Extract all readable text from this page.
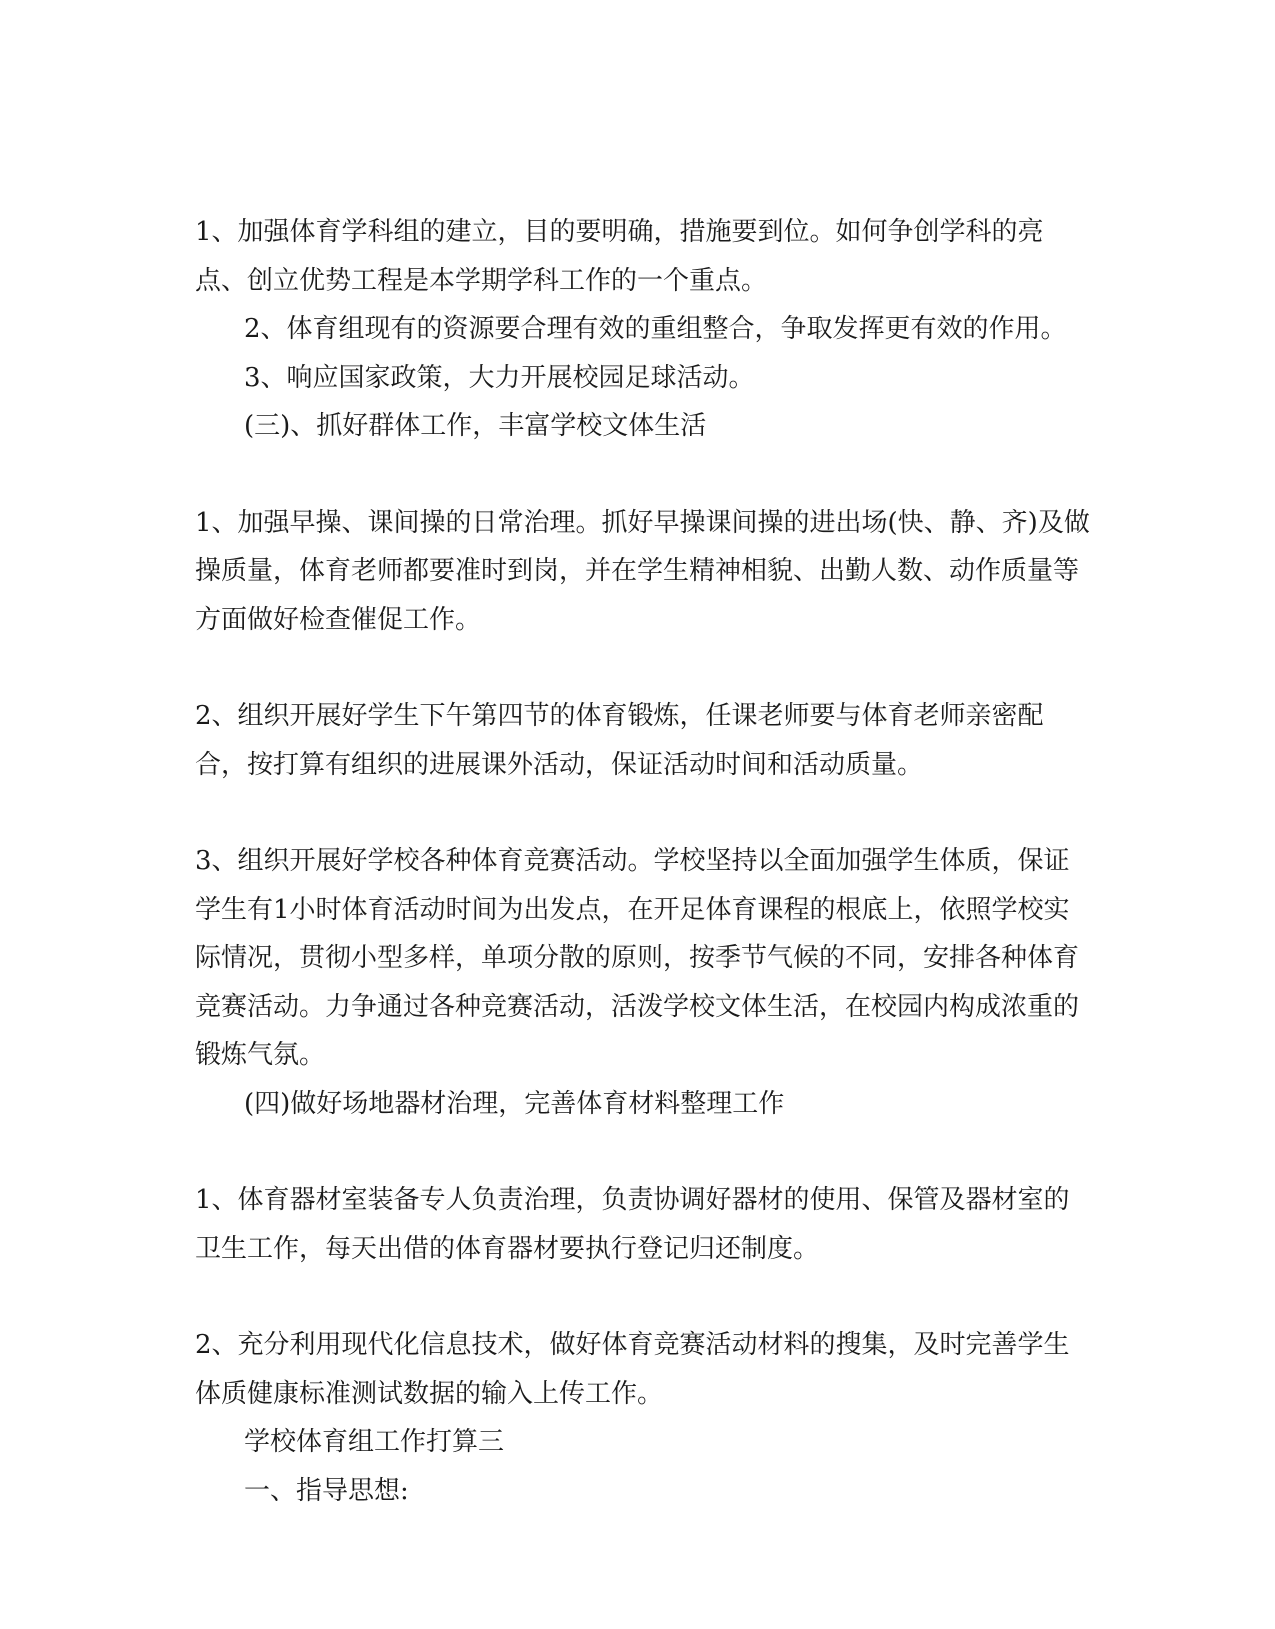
1、加强体育学科组的建立，目的要明确，措施要到位。如何争创学科的亮点、创立优势工程是本学期学科工作的一个重点。

2、体育组现有的资源要合理有效的重组整合，争取发挥更有效的作用。

3、响应国家政策，大力开展校园足球活动。

(三)、抓好群体工作，丰富学校文体生活

1、加强早操、课间操的日常治理。抓好早操课间操的进出场(快、静、齐)及做操质量，体育老师都要准时到岗，并在学生精神相貌、出勤人数、动作质量等方面做好检查催促工作。

2、组织开展好学生下午第四节的体育锻炼，任课老师要与体育老师亲密配合，按打算有组织的进展课外活动，保证活动时间和活动质量。

3、组织开展好学校各种体育竞赛活动。学校坚持以全面加强学生体质，保证学生有1小时体育活动时间为出发点，在开足体育课程的根底上，依照学校实际情况，贯彻小型多样，单项分散的原则，按季节气候的不同，安排各种体育竞赛活动。力争通过各种竞赛活动，活泼学校文体生活，在校园内构成浓重的锻炼气氛。

(四)做好场地器材治理，完善体育材料整理工作

1、体育器材室装备专人负责治理，负责协调好器材的使用、保管及器材室的卫生工作，每天出借的体育器材要执行登记归还制度。

2、充分利用现代化信息技术，做好体育竞赛活动材料的搜集，及时完善学生体质健康标准测试数据的输入上传工作。

学校体育组工作打算三

一、指导思想:
